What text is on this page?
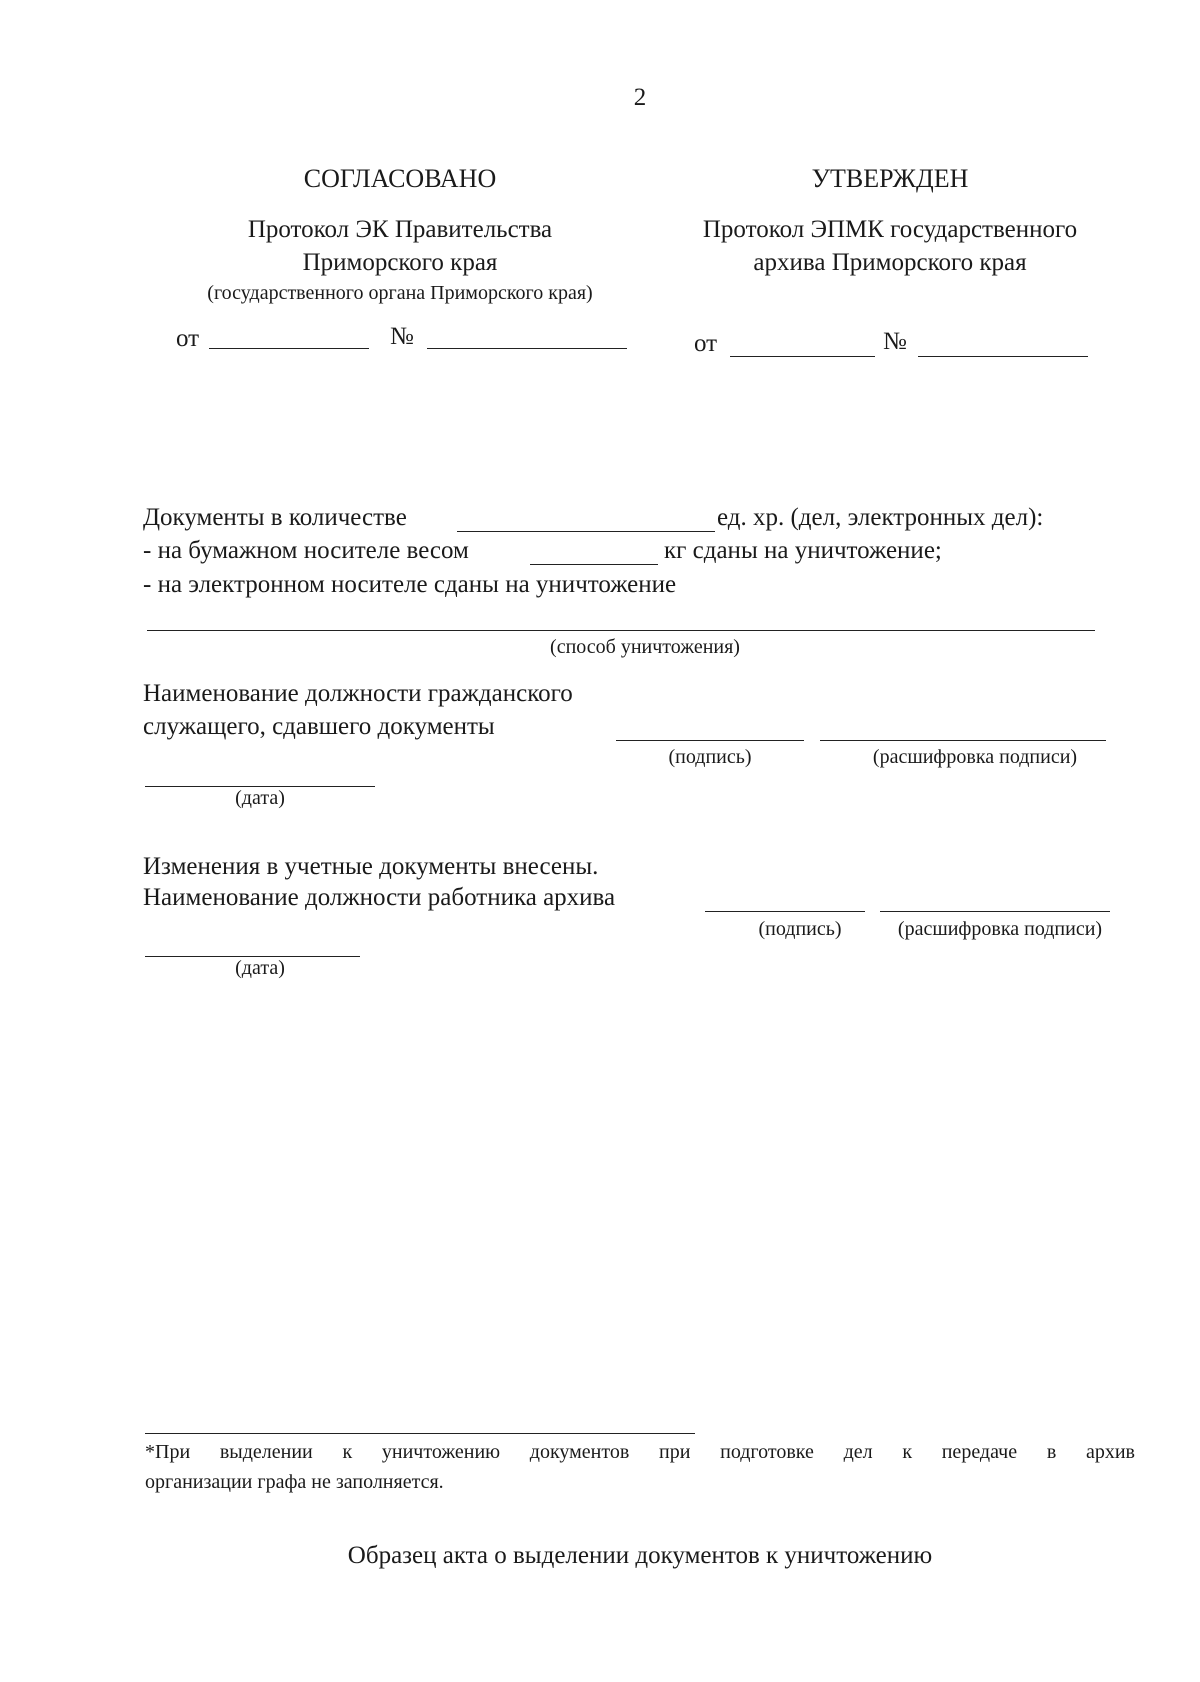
2
СОГЛАСОВАНО
Протокол ЭК Правительства
Приморского края
(государственного органа Приморского края)
от	№
УТВЕРЖДЕН
Протокол ЭПМК государственного
архива Приморского края
от	№
Документы в количестве	ед. хр. (дел, электронных дел):
- на бумажном носителе весом	кг сданы на уничтожение;
- на электронном носителе сданы на уничтожение
(способ уничтожения)
Наименование должности гражданского
служащего, сдавшего документы
(подпись)	(расшифровка подписи)
(дата)
Изменения в учетные документы внесены.
Наименование должности работника архива
(подпись)	(расшифровка подписи)
(дата)
*При выделении к уничтожению документов при подготовке дел к передаче в архив
организации графа не заполняется.
Образец акта о выделении документов к уничтожению
